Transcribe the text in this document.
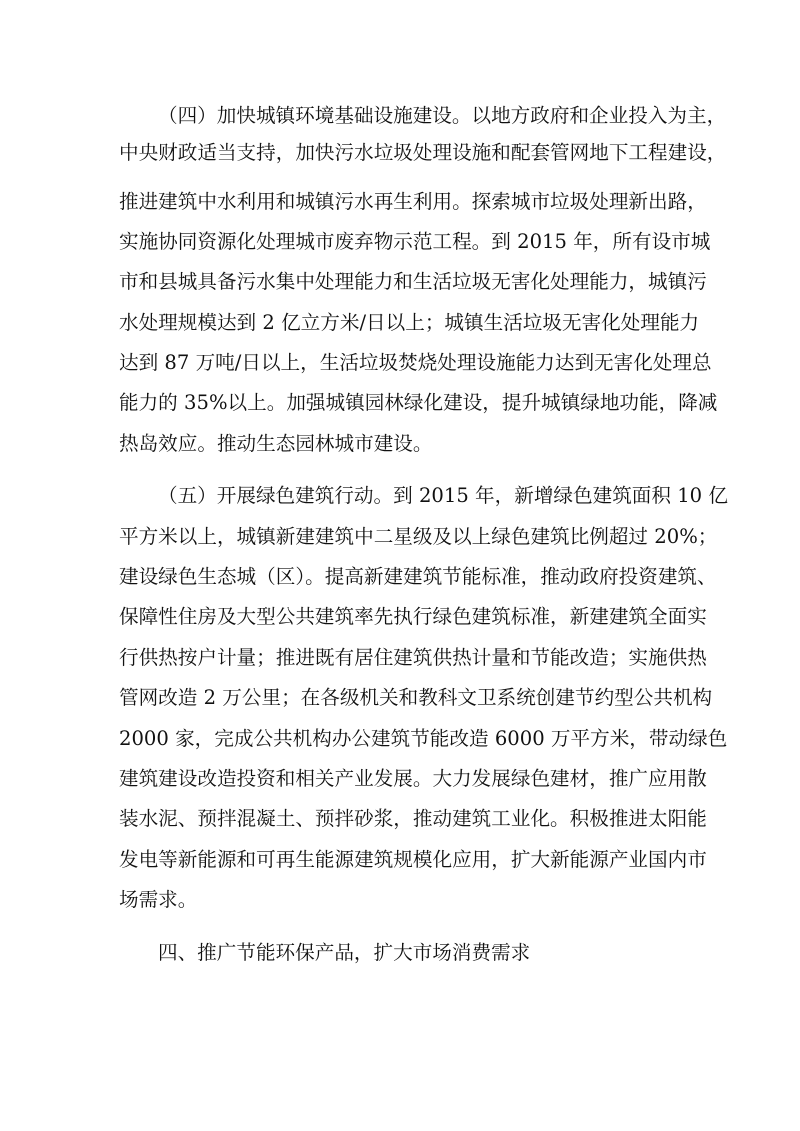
（四）加快城镇环境基础设施建设。以地方政府和企业投入为主，
中央财政适当支持，加快污水垃圾处理设施和配套管网地下工程建设，
推进建筑中水利用和城镇污水再生利用。探索城市垃圾处理新出路，
实施协同资源化处理城市废弃物示范工程。到 2015 年，所有设市城
市和县城具备污水集中处理能力和生活垃圾无害化处理能力，城镇污
水处理规模达到 2 亿立方米/日以上；城镇生活垃圾无害化处理能力
达到 87 万吨/日以上，生活垃圾焚烧处理设施能力达到无害化处理总
能力的 35%以上。加强城镇园林绿化建设，提升城镇绿地功能，降减
热岛效应。推动生态园林城市建设。
（五）开展绿色建筑行动。到 2015 年，新增绿色建筑面积 10 亿
平方米以上，城镇新建建筑中二星级及以上绿色建筑比例超过 20%；
建设绿色生态城（区）。提高新建建筑节能标准，推动政府投资建筑、
保障性住房及大型公共建筑率先执行绿色建筑标准，新建建筑全面实
行供热按户计量；推进既有居住建筑供热计量和节能改造；实施供热
管网改造 2 万公里；在各级机关和教科文卫系统创建节约型公共机构
2000 家，完成公共机构办公建筑节能改造 6000 万平方米，带动绿色
建筑建设改造投资和相关产业发展。大力发展绿色建材，推广应用散
装水泥、预拌混凝土、预拌砂浆，推动建筑工业化。积极推进太阳能
发电等新能源和可再生能源建筑规模化应用，扩大新能源产业国内市
场需求。
四、推广节能环保产品，扩大市场消费需求
